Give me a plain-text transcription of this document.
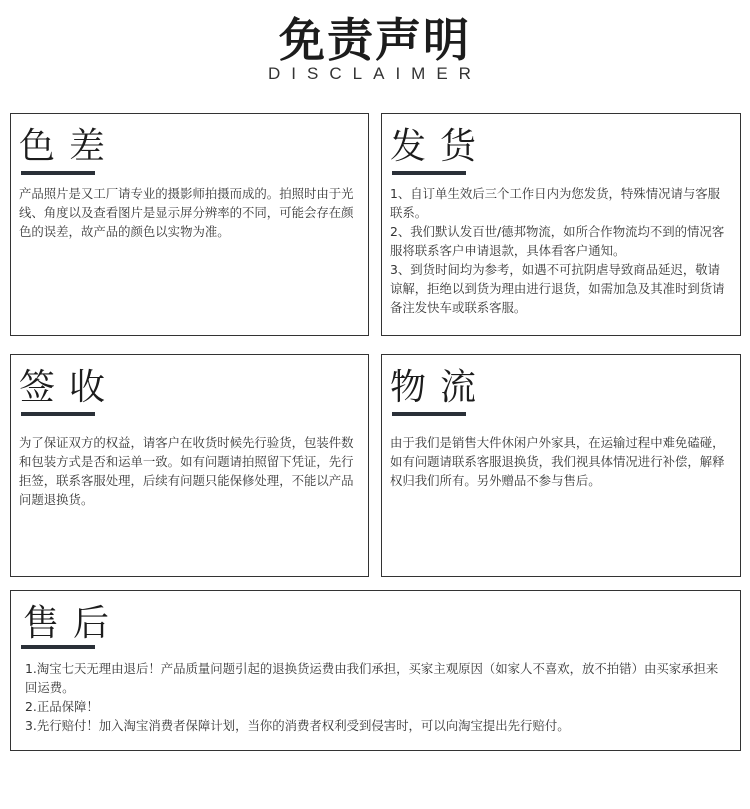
免责声明
DISCLAIMER
色差

产品照片是又工厂请专业的摄影师拍摄而成的。拍照时由于光线、角度以及查看图片是显示屏分辨率的不同，可能会存在颜色的误差，故产品的颜色以实物为准。

发货

1、自订单生效后三个工作日内为您发货，特殊情况请与客服联系。

2、我们默认发百世/德邦物流，如所合作物流均不到的情况客服将联系客户申请退款，具体看客户通知。

3、到货时间均为参考，如遇不可抗阴虐导致商品延迟，敬请谅解，拒绝以到货为理由进行退货，如需加急及其准时到货请备注发快车或联系客服。

签收

为了保证双方的权益，请客户在收货时候先行验货，包装件数和包装方式是否和运单一致。如有问题请拍照留下凭证，先行拒签，联系客服处理，后续有问题只能保修处理，不能以产品问题退换货。

物流

由于我们是销售大件休闲户外家具，在运输过程中难免磕碰，如有问题请联系客服退换货，我们视具体情况进行补偿，解释权归我们所有。另外赠品不参与售后。

售后

1.淘宝七天无理由退后！产品质量问题引起的退换货运费由我们承担，买家主观原因（如家人不喜欢，放不拍错）由买家承担来回运费。

2.正品保障！

3.先行赔付！加入淘宝消费者保障计划，当你的消费者权利受到侵害时，可以向淘宝提出先行赔付。
